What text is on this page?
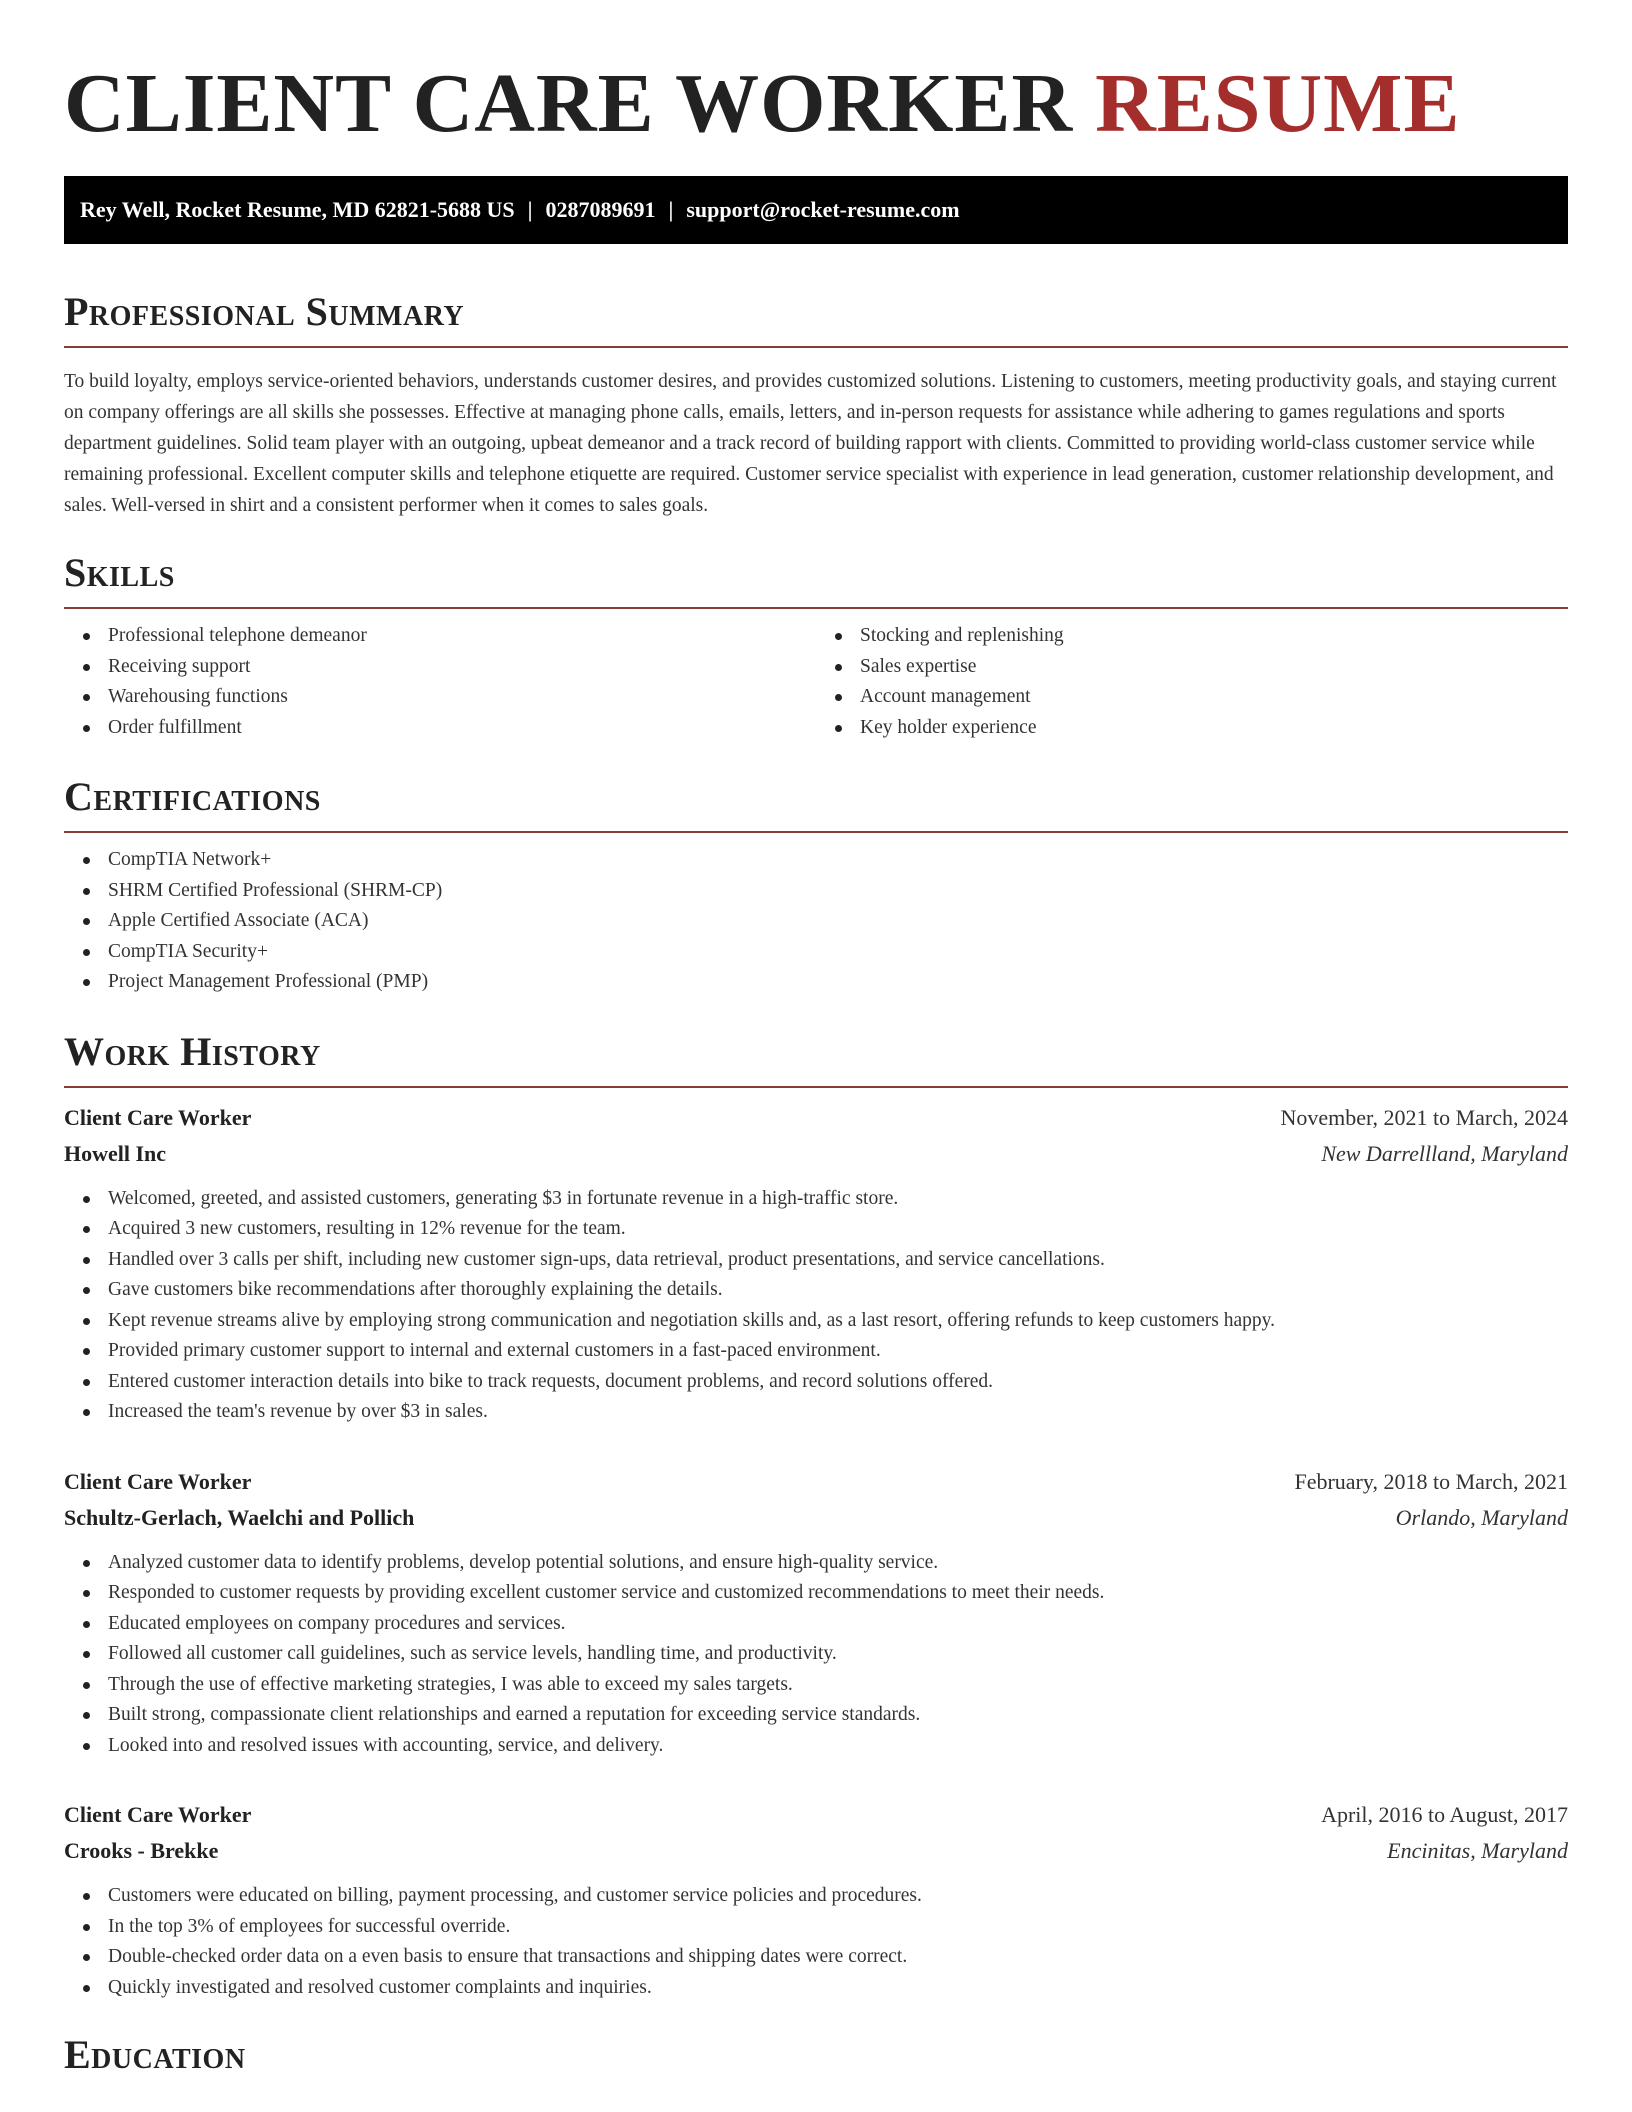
CLIENT CARE WORKER RESUME
Rey Well, Rocket Resume, MD 62821-5688 US | 0287089691 | support@rocket-resume.com
Professional Summary

To build loyalty, employs service-oriented behaviors, understands customer desires, and provides customized solutions. Listening to customers, meeting productivity goals, and staying current on company offerings are all skills she possesses. Effective at managing phone calls, emails, letters, and in-person requests for assistance while adhering to games regulations and sports department guidelines. Solid team player with an outgoing, upbeat demeanor and a track record of building rapport with clients. Committed to providing world-class customer service while remaining professional. Excellent computer skills and telephone etiquette are required. Customer service specialist with experience in lead generation, customer relationship development, and sales. Well-versed in shirt and a consistent performer when it comes to sales goals.

Skills
Professional telephone demeanor
Receiving support
Warehousing functions
Order fulfillment
Stocking and replenishing
Sales expertise
Account management
Key holder experience
Certifications
CompTIA Network+
SHRM Certified Professional (SHRM-CP)
Apple Certified Associate (ACA)
CompTIA Security+
Project Management Professional (PMP)
Work History
Client Care Worker	November, 2021 to March, 2024
Howell Inc	New Darrellland, Maryland
Welcomed, greeted, and assisted customers, generating $3 in fortunate revenue in a high-traffic store.
Acquired 3 new customers, resulting in 12% revenue for the team.
Handled over 3 calls per shift, including new customer sign-ups, data retrieval, product presentations, and service cancellations.
Gave customers bike recommendations after thoroughly explaining the details.
Kept revenue streams alive by employing strong communication and negotiation skills and, as a last resort, offering refunds to keep customers happy.
Provided primary customer support to internal and external customers in a fast-paced environment.
Entered customer interaction details into bike to track requests, document problems, and record solutions offered.
Increased the team's revenue by over $3 in sales.
Client Care Worker	February, 2018 to March, 2021
Schultz-Gerlach, Waelchi and Pollich	Orlando, Maryland
Analyzed customer data to identify problems, develop potential solutions, and ensure high-quality service.
Responded to customer requests by providing excellent customer service and customized recommendations to meet their needs.
Educated employees on company procedures and services.
Followed all customer call guidelines, such as service levels, handling time, and productivity.
Through the use of effective marketing strategies, I was able to exceed my sales targets.
Built strong, compassionate client relationships and earned a reputation for exceeding service standards.
Looked into and resolved issues with accounting, service, and delivery.
Client Care Worker	April, 2016 to August, 2017
Crooks - Brekke	Encinitas, Maryland
Customers were educated on billing, payment processing, and customer service policies and procedures.
In the top 3% of employees for successful override.
Double-checked order data on a even basis to ensure that transactions and shipping dates were correct.
Quickly investigated and resolved customer complaints and inquiries.
Education
